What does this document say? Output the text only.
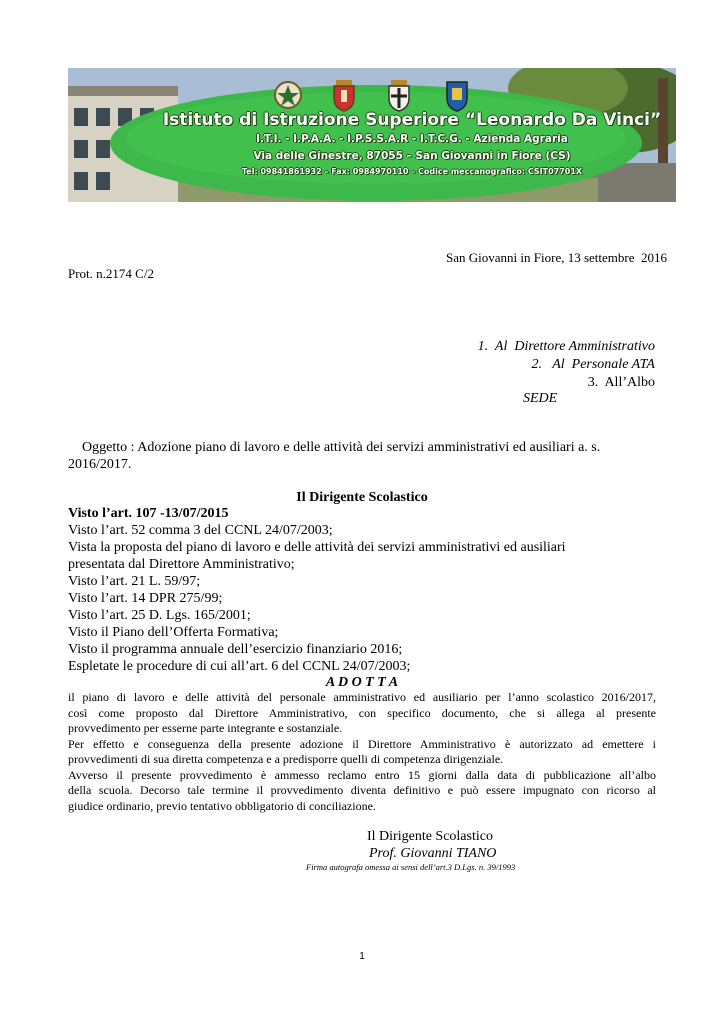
Istituto di Istruzione Superiore “Leonardo Da Vinci”
I.T.I. - I.P.A.A. - I.P.S.S.A.R - I.T.C.G. - Azienda Agraria
Via delle Ginestre, 87055 – San Giovanni in Fiore (CS)
Tel: 09841861932 – Fax: 0984970110 – Codice meccanografico: CSIT07701X
San Giovanni in Fiore, 13 settembre  2016
Prot. n.2174 C/2
1.  Al  Direttore Amministrativo
2.   Al  Personale ATA
3.  All’Albo
SEDE
Oggetto : Adozione piano di lavoro e delle attività dei servizi amministrativi ed ausiliari a. s.
2016/2017.
Il Dirigente Scolastico
Visto l’art. 107 -13/07/2015
Visto l’art. 52 comma 3 del CCNL 24/07/2003;
Vista la proposta del piano di lavoro e delle attività dei servizi amministrativi ed ausiliari
presentata dal Direttore Amministrativo;
Visto l’art. 21 L. 59/97;
Visto l’art. 14 DPR 275/99;
Visto l’art. 25 D. Lgs. 165/2001;
Visto il Piano dell’Offerta Formativa;
Visto il programma annuale dell’esercizio finanziario 2016;
Espletate le procedure di cui all’art. 6 del CCNL 24/07/2003;
A D O T T A
il piano di lavoro e delle attività del personale amministrativo ed ausiliario per l’anno scolastico 2016/2017,
così come proposto dal Direttore Amministrativo, con specifico documento, che si allega al presente
provvedimento per esserne parte integrante e sostanziale.
Per effetto e conseguenza della presente adozione il Direttore Amministrativo è autorizzato ad emettere i
provvedimenti di sua diretta competenza e a predisporre quelli di competenza dirigenziale.
Avverso il presente provvedimento è ammesso reclamo entro 15 giorni dalla data di pubblicazione all’albo
della scuola. Decorso tale termine il provvedimento diventa definitivo e può essere impugnato con ricorso al
giudice ordinario, previo tentativo obbligatorio di conciliazione.
Il Dirigente Scolastico
Prof. Giovanni TIANO
Firma autografa omessa ai sensi dell’art.3 D.Lgs. n. 39/1993
1
